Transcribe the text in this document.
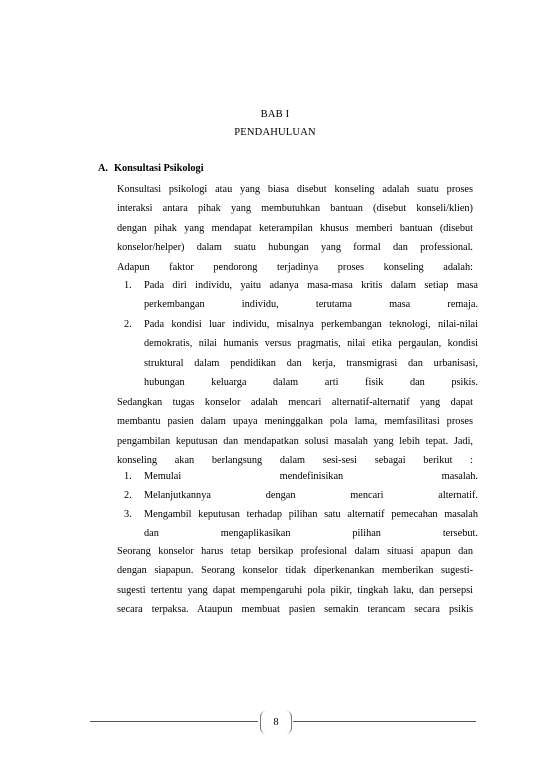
BAB I
PENDAHULUAN
A. Konsultasi Psikologi
Konsultasi psikologi atau yang biasa disebut konseling adalah suatu proses
interaksi antara pihak yang membutuhkan bantuan (disebut konseli/klien)
dengan pihak yang mendapat keterampilan khusus memberi bantuan (disebut
konselor/helper) dalam suatu hubungan yang formal dan professional.
Adapun faktor pendorong terjadinya proses konseling adalah:
1. Pada diri individu, yaitu adanya masa-masa kritis dalam setiap masa
perkembangan individu, terutama masa remaja.
2. Pada kondisi luar individu, misalnya perkembangan teknologi, nilai-nilai
demokratis, nilai humanis versus pragmatis, nilai etika pergaulan, kondisi
struktural dalam pendidikan dan kerja, transmigrasi dan urbanisasi,
hubungan keluarga dalam arti fisik dan psikis.
Sedangkan tugas konselor adalah mencari alternatif-alternatif yang dapat
membantu pasien dalam upaya meninggalkan pola lama, memfasilitasi proses
pengambilan keputusan dan mendapatkan solusi masalah yang lebih tepat. Jadi,
konseling akan berlangsung dalam sesi-sesi sebagai berikut :
1. Memulai mendefinisikan masalah.
2. Melanjutkannya dengan mencari alternatif.
3. Mengambil keputusan terhadap pilihan satu alternatif pemecahan masalah
dan mengaplikasikan pilihan tersebut.
Seorang konselor harus tetap bersikap profesional dalam situasi apapun dan
dengan siapapun. Seorang konselor tidak diperkenankan memberikan sugesti-
sugesti tertentu yang dapat mempengaruhi pola pikir, tingkah laku, dan persepsi
secara terpaksa. Ataupun membuat pasien semakin terancam secara psikis
8
